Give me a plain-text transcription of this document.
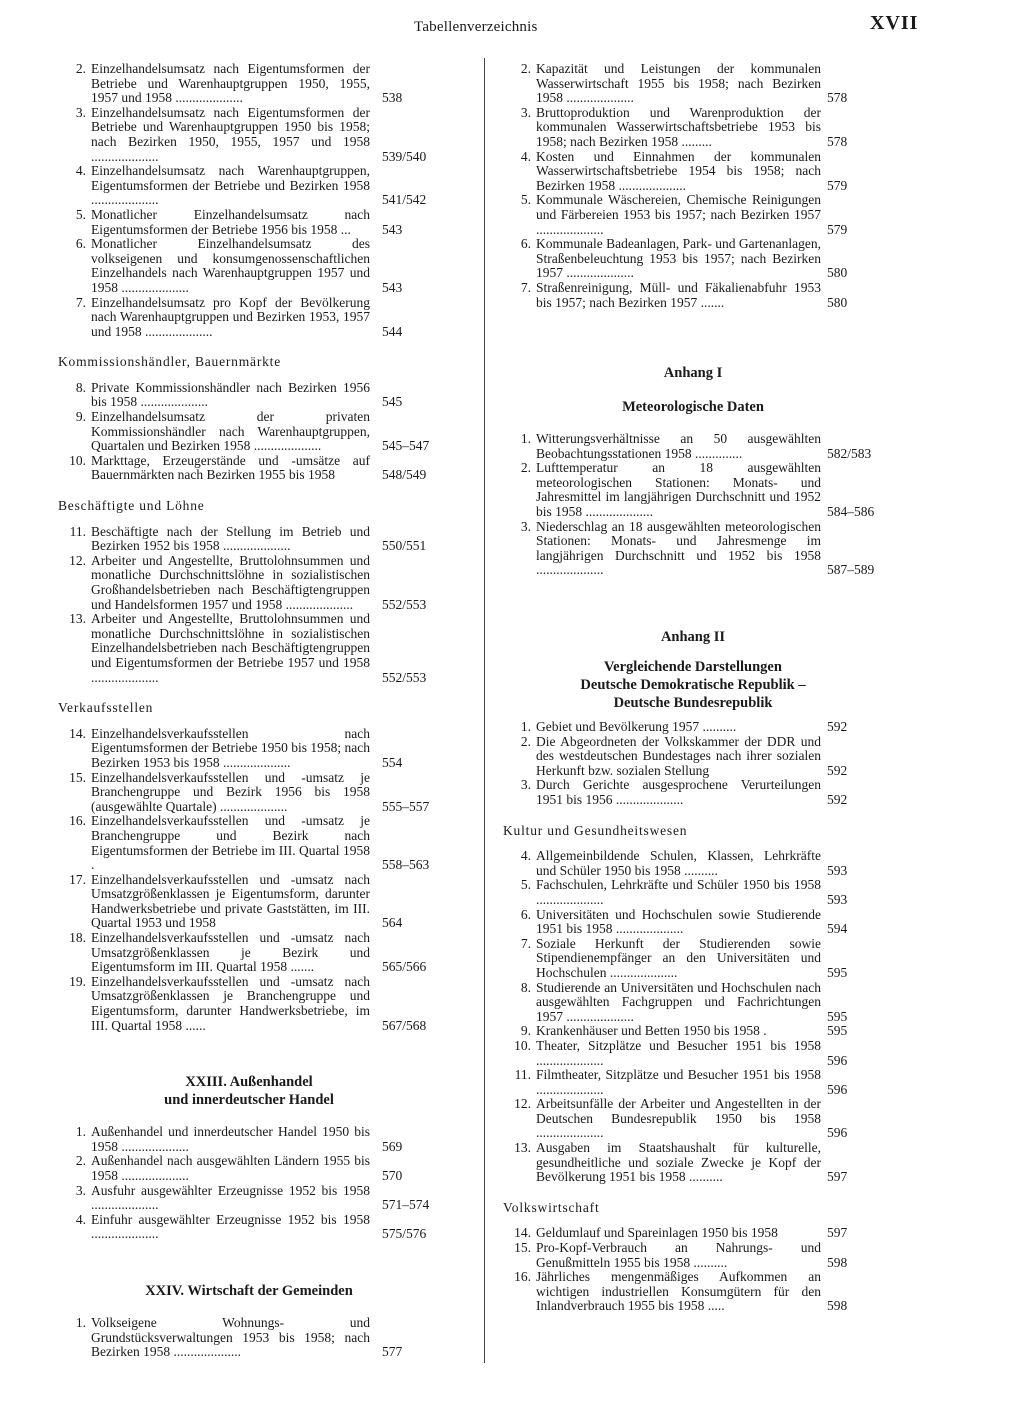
Tabellenverzeichnis	XVII
2. Einzelhandelsumsatz nach Eigentumsformen der Betriebe und Warenhauptgruppen 1950, 1955, 1957 und 1958 ....................	538
3. Einzelhandelsumsatz nach Eigentumsformen der Betriebe und Warenhauptgruppen 1950 bis 1958; nach Bezirken 1950, 1955, 1957 und 1958 ....................	539/540
4. Einzelhandelsumsatz nach Warenhauptgruppen, Eigentumsformen der Betriebe und Bezirken 1958 ....................	541/542
5. Monatlicher Einzelhandelsumsatz nach Eigentumsformen der Betriebe 1956 bis 1958 ...	543
6. Monatlicher Einzelhandelsumsatz des volkseigenen und konsumgenossenschaftlichen Einzelhandels nach Warenhauptgruppen 1957 und 1958 ....................	543
7. Einzelhandelsumsatz pro Kopf der Bevölkerung nach Warenhauptgruppen und Bezirken 1953, 1957 und 1958 ....................	544
Kommissionshändler, Bauernmärkte
8. Private Kommissionshändler nach Bezirken 1956 bis 1958 ....................	545
9. Einzelhandelsumsatz der privaten Kommissionshändler nach Warenhauptgruppen, Quartalen und Bezirken 1958 ....................	545–547
10. Markttage, Erzeugerstände und -umsätze auf Bauernmärkten nach Bezirken 1955 bis 1958	548/549
Beschäftigte und Löhne
11. Beschäftigte nach der Stellung im Betrieb und Bezirken 1952 bis 1958 ....................	550/551
12. Arbeiter und Angestellte, Bruttolohnsummen und monatliche Durchschnittslöhne in sozialistischen Großhandelsbetrieben nach Beschäftigtengruppen und Handelsformen 1957 und 1958 ....................	552/553
13. Arbeiter und Angestellte, Bruttolohnsummen und monatliche Durchschnittslöhne in sozialistischen Einzelhandelsbetrieben nach Beschäftigtengruppen und Eigentumsformen der Betriebe 1957 und 1958 ....................	552/553
Verkaufsstellen
14. Einzelhandelsverkaufsstellen nach Eigentumsformen der Betriebe 1950 bis 1958; nach Bezirken 1953 bis 1958 ....................	554
15. Einzelhandelsverkaufsstellen und -umsatz je Branchengruppe und Bezirk 1956 bis 1958 (ausgewählte Quartale) ....................	555–557
16. Einzelhandelsverkaufsstellen und -umsatz je Branchengruppe und Bezirk nach Eigentumsformen der Betriebe im III. Quartal 1958 .	558–563
17. Einzelhandelsverkaufsstellen und -umsatz nach Umsatzgrößenklassen je Eigentumsform, darunter Handwerksbetriebe und private Gaststätten, im III. Quartal 1953 und 1958	564
18. Einzelhandelsverkaufsstellen und -umsatz nach Umsatzgrößenklassen je Bezirk und Eigentumsform im III. Quartal 1958 .......	565/566
19. Einzelhandelsverkaufsstellen und -umsatz nach Umsatzgrößenklassen je Branchengruppe und Eigentumsform, darunter Handwerksbetriebe, im III. Quartal 1958 ......	567/568
XXIII. Außenhandel
und innerdeutscher Handel
1. Außenhandel und innerdeutscher Handel 1950 bis 1958 ....................	569
2. Außenhandel nach ausgewählten Ländern 1955 bis 1958 ....................	570
3. Ausfuhr ausgewählter Erzeugnisse 1952 bis 1958 ....................	571–574
4. Einfuhr ausgewählter Erzeugnisse 1952 bis 1958 ....................	575/576
XXIV. Wirtschaft der Gemeinden
1. Volkseigene Wohnungs- und Grundstücksverwaltungen 1953 bis 1958; nach Bezirken 1958 ....................	577
2. Kapazität und Leistungen der kommunalen Wasserwirtschaft 1955 bis 1958; nach Bezirken 1958 ....................	578
3. Bruttoproduktion und Warenproduktion der kommunalen Wasserwirtschaftsbetriebe 1953 bis 1958; nach Bezirken 1958 .........	578
4. Kosten und Einnahmen der kommunalen Wasserwirtschaftsbetriebe 1954 bis 1958; nach Bezirken 1958 ....................	579
5. Kommunale Wäschereien, Chemische Reinigungen und Färbereien 1953 bis 1957; nach Bezirken 1957 ....................	579
6. Kommunale Badeanlagen, Park- und Gartenanlagen, Straßenbeleuchtung 1953 bis 1957; nach Bezirken 1957 ....................	580
7. Straßenreinigung, Müll- und Fäkalienabfuhr 1953 bis 1957; nach Bezirken 1957 .......	580
Anhang I
Meteorologische Daten
1. Witterungsverhältnisse an 50 ausgewählten Beobachtungsstationen 1958 ..............	582/583
2. Lufttemperatur an 18 ausgewählten meteorologischen Stationen: Monats- und Jahresmittel im langjährigen Durchschnitt und 1952 bis 1958 ....................	584–586
3. Niederschlag an 18 ausgewählten meteorologischen Stationen: Monats- und Jahresmenge im langjährigen Durchschnitt und 1952 bis 1958 ....................	587–589
Anhang II
Vergleichende Darstellungen
Deutsche Demokratische Republik –
Deutsche Bundesrepublik
1. Gebiet und Bevölkerung 1957 ..........	592
2. Die Abgeordneten der Volkskammer der DDR und des westdeutschen Bundestages nach ihrer sozialen Herkunft bzw. sozialen Stellung	592
3. Durch Gerichte ausgesprochene Verurteilungen 1951 bis 1956 ....................	592
Kultur und Gesundheitswesen
4. Allgemeinbildende Schulen, Klassen, Lehrkräfte und Schüler 1950 bis 1958 ..........	593
5. Fachschulen, Lehrkräfte und Schüler 1950 bis 1958 ....................	593
6. Universitäten und Hochschulen sowie Studierende 1951 bis 1958 ....................	594
7. Soziale Herkunft der Studierenden sowie Stipendienempfänger an den Universitäten und Hochschulen ....................	595
8. Studierende an Universitäten und Hochschulen nach ausgewählten Fachgruppen und Fachrichtungen 1957 ....................	595
9. Krankenhäuser und Betten 1950 bis 1958 .	595
10. Theater, Sitzplätze und Besucher 1951 bis 1958 ....................	596
11. Filmtheater, Sitzplätze und Besucher 1951 bis 1958 ....................	596
12. Arbeitsunfälle der Arbeiter und Angestellten in der Deutschen Bundesrepublik 1950 bis 1958 ....................	596
13. Ausgaben im Staatshaushalt für kulturelle, gesundheitliche und soziale Zwecke je Kopf der Bevölkerung 1951 bis 1958 ..........	597
Volkswirtschaft
14. Geldumlauf und Spareinlagen 1950 bis 1958	597
15. Pro-Kopf-Verbrauch an Nahrungs- und Genußmitteln 1955 bis 1958 ..........	598
16. Jährliches mengenmäßiges Aufkommen an wichtigen industriellen Konsumgütern für den Inlandverbrauch 1955 bis 1958 .....	598
